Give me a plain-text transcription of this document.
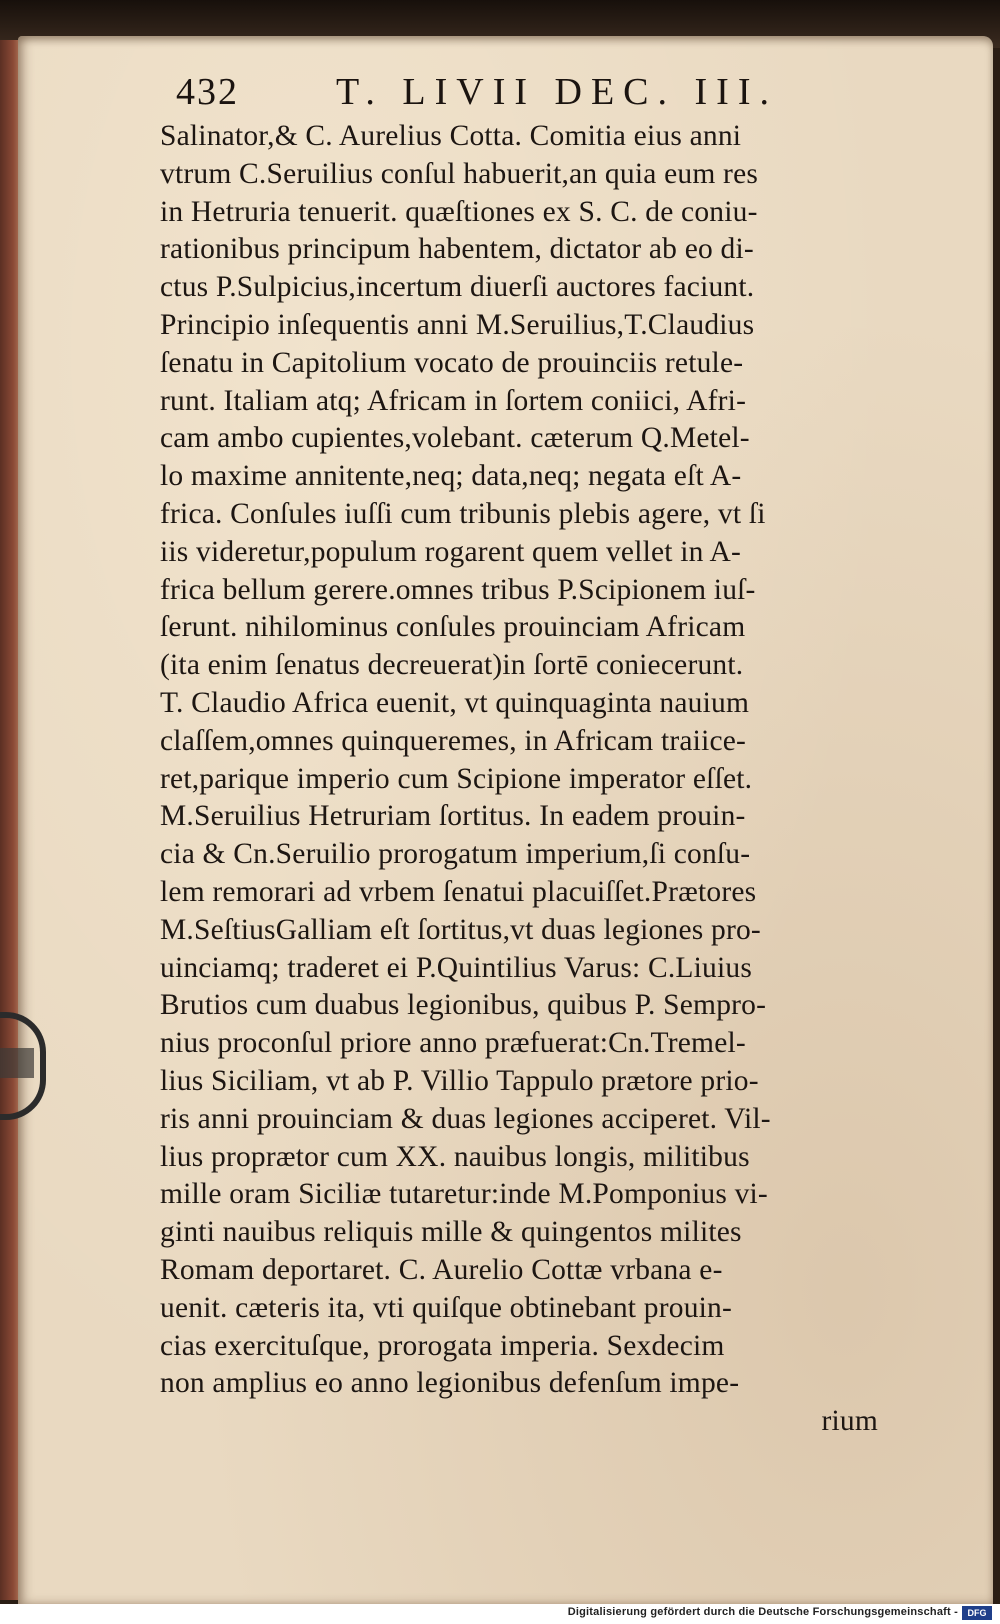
432	T. LIVII DEC. III.
Salinator,& C. Aurelius Cotta. Comitia eius anni
vtrum C.Seruilius conſul habuerit,an quia eum res
in Hetruria tenuerit. quæſtiones ex S. C. de coniu-
rationibus principum habentem, dictator ab eo di-
ctus P.Sulpicius,incertum diuerſi auctores faciunt.
Principio inſequentis anni M.Seruilius,T.Claudius
ſenatu in Capitolium vocato de prouinciis retule-
runt. Italiam atq; Africam in ſortem coniici, Afri-
cam ambo cupientes,volebant. cæterum Q.Metel-
lo maxime annitente,neq; data,neq; negata eſt A-
frica. Conſules iuſſi cum tribunis plebis agere, vt ſi
iis videretur,populum rogarent quem vellet in A-
frica bellum gerere.omnes tribus P.Scipionem iuſ-
ſerunt. nihilominus conſules prouinciam Africam
(ita enim ſenatus decreuerat)in ſortē coniecerunt.
T. Claudio Africa euenit, vt quinquaginta nauium
claſſem,omnes quinqueremes, in Africam traiice-
ret,parique imperio cum Scipione imperator eſſet.
M.Seruilius Hetruriam ſortitus. In eadem prouin-
cia & Cn.Seruilio prorogatum imperium,ſi conſu-
lem remorari ad vrbem ſenatui placuiſſet.Prætores
M.SeſtiusGalliam eſt ſortitus,vt duas legiones pro-
uinciamq; traderet ei P.Quintilius Varus: C.Liuius
Brutios cum duabus legionibus, quibus P. Sempro-
nius proconſul priore anno præfuerat:Cn.Tremel-
lius Siciliam, vt ab P. Villio Tappulo prætore prio-
ris anni prouinciam & duas legiones acciperet. Vil-
lius proprætor cum XX. nauibus longis, militibus
mille oram Siciliæ tutaretur:inde M.Pomponius vi-
ginti nauibus reliquis mille & quingentos milites
Romam deportaret. C. Aurelio Cottæ vrbana e-
uenit. cæteris ita, vti quiſque obtinebant prouin-
cias exercituſque, prorogata imperia. Sexdecim
non amplius eo anno legionibus defenſum impe-
rium
Digitalisierung gefördert durch die Deutsche Forschungsgemeinschaft -	DFG
